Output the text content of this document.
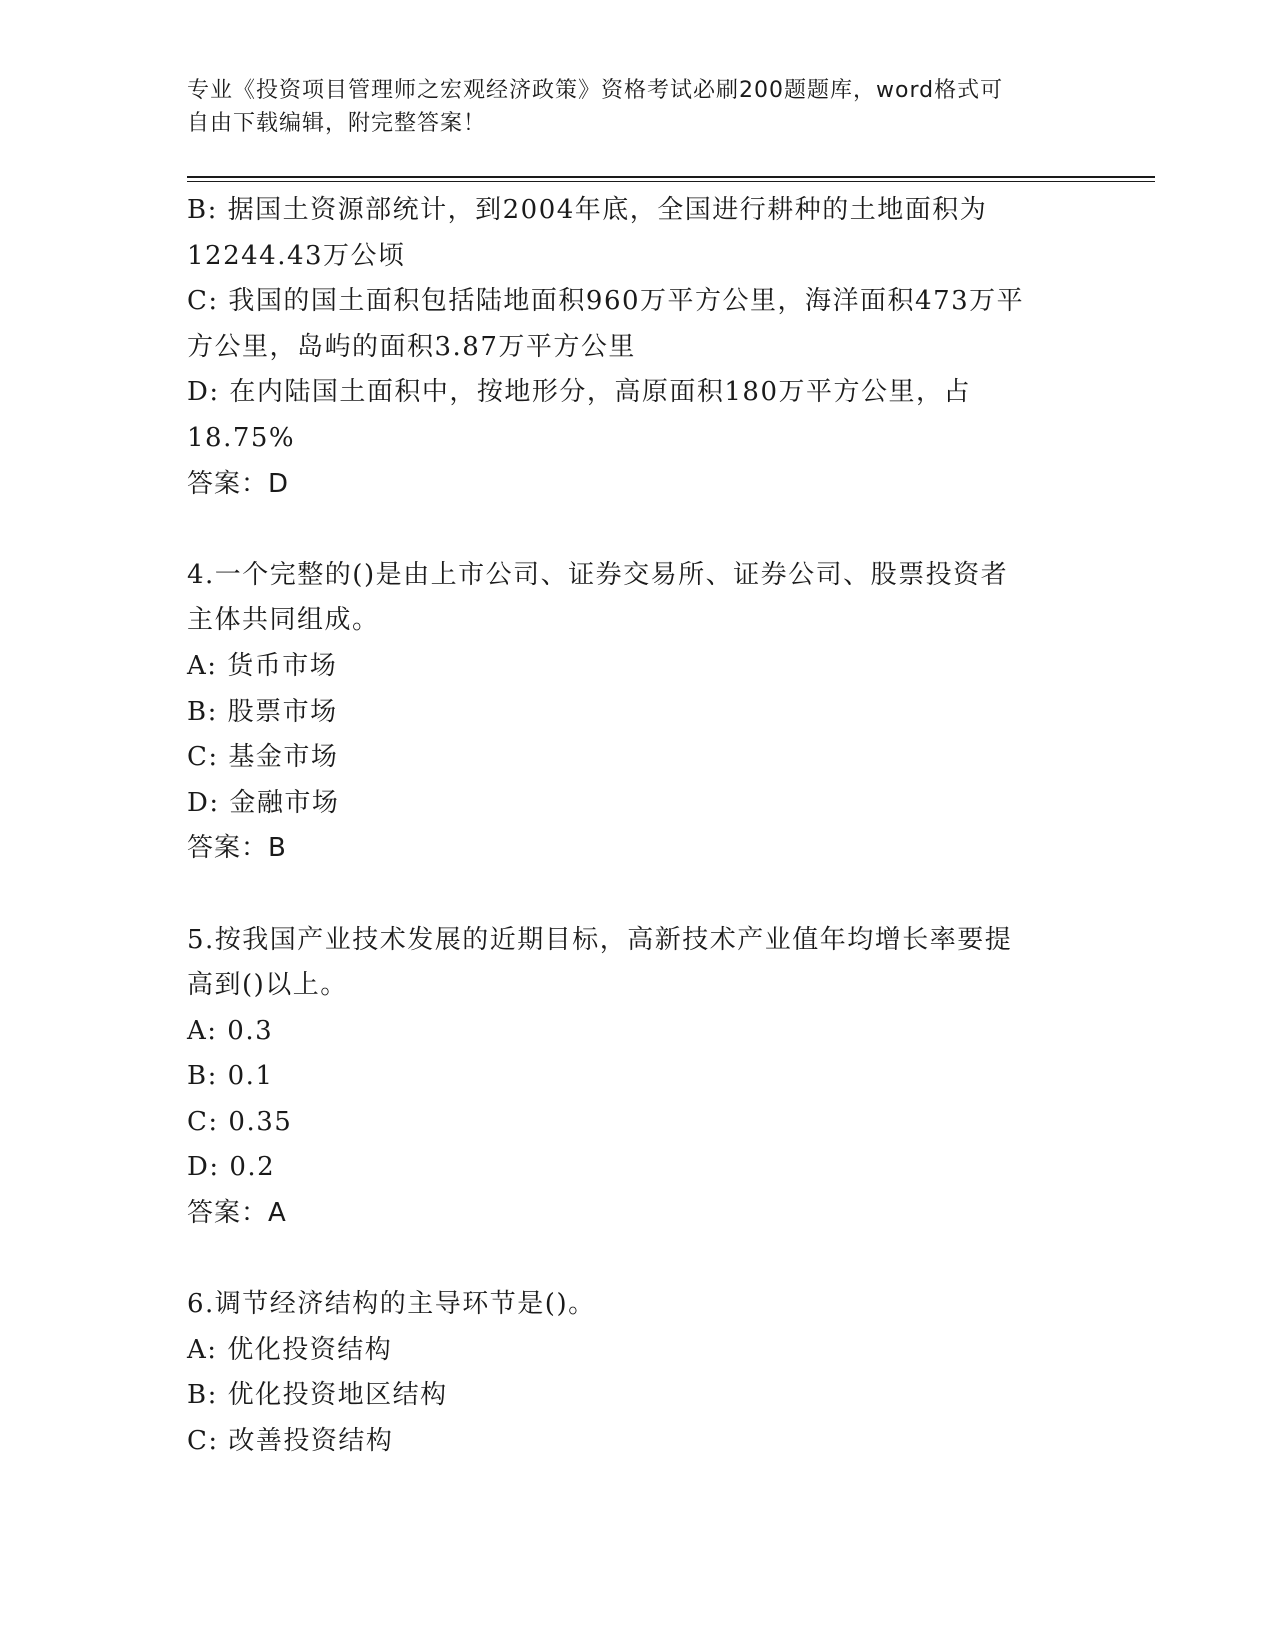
专业《投资项目管理师之宏观经济政策》资格考试必刷200题题库，word格式可
自由下载编辑，附完整答案！

B: 据国土资源部统计，到2004年底，全国进行耕种的土地面积为

12244.43万公顷

C: 我国的国土面积包括陆地面积960万平方公里，海洋面积473万平

方公里，岛屿的面积3.87万平方公里

D: 在内陆国土面积中，按地形分，高原面积180万平方公里，占

18.75%

答案：D

4.一个完整的()是由上市公司、证券交易所、证券公司、股票投资者

主体共同组成。

A: 货币市场

B: 股票市场

C: 基金市场

D: 金融市场

答案：B

5.按我国产业技术发展的近期目标，高新技术产业值年均增长率要提

高到()以上。

A: 0.3

B: 0.1

C: 0.35

D: 0.2

答案：A

6.调节经济结构的主导环节是()。

A: 优化投资结构

B: 优化投资地区结构

C: 改善投资结构
